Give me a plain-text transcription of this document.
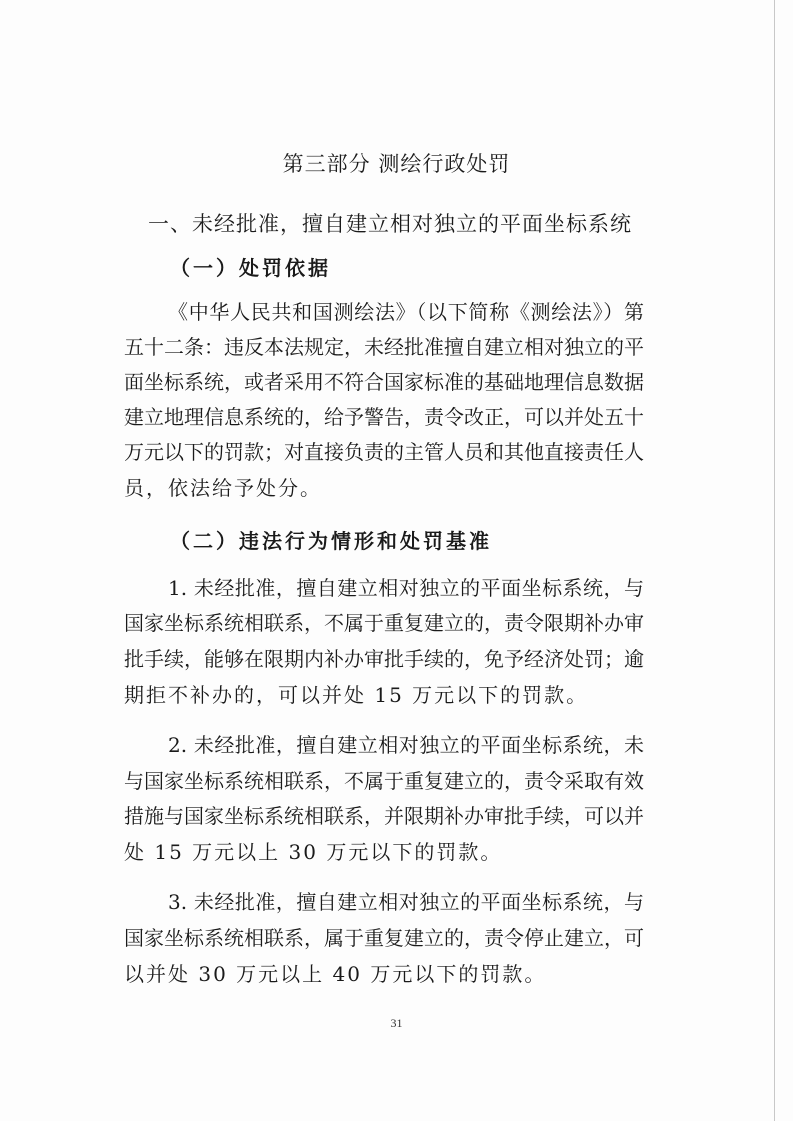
第三部分 测绘行政处罚
一、未经批准，擅自建立相对独立的平面坐标系统
（一）处罚依据
《中华人民共和国测绘法》（以下简称《测绘法》）第
五十二条：违反本法规定，未经批准擅自建立相对独立的平
面坐标系统，或者采用不符合国家标准的基础地理信息数据
建立地理信息系统的，给予警告，责令改正，可以并处五十
万元以下的罚款；对直接负责的主管人员和其他直接责任人
员，依法给予处分。
（二）违法行为情形和处罚基准
1. 未经批准，擅自建立相对独立的平面坐标系统，与
国家坐标系统相联系，不属于重复建立的，责令限期补办审
批手续，能够在限期内补办审批手续的，免予经济处罚；逾
期拒不补办的，可以并处 15 万元以下的罚款。
2. 未经批准，擅自建立相对独立的平面坐标系统，未
与国家坐标系统相联系，不属于重复建立的，责令采取有效
措施与国家坐标系统相联系，并限期补办审批手续，可以并
处 15 万元以上 30 万元以下的罚款。
3. 未经批准，擅自建立相对独立的平面坐标系统，与
国家坐标系统相联系，属于重复建立的，责令停止建立，可
以并处 30 万元以上 40 万元以下的罚款。
31
